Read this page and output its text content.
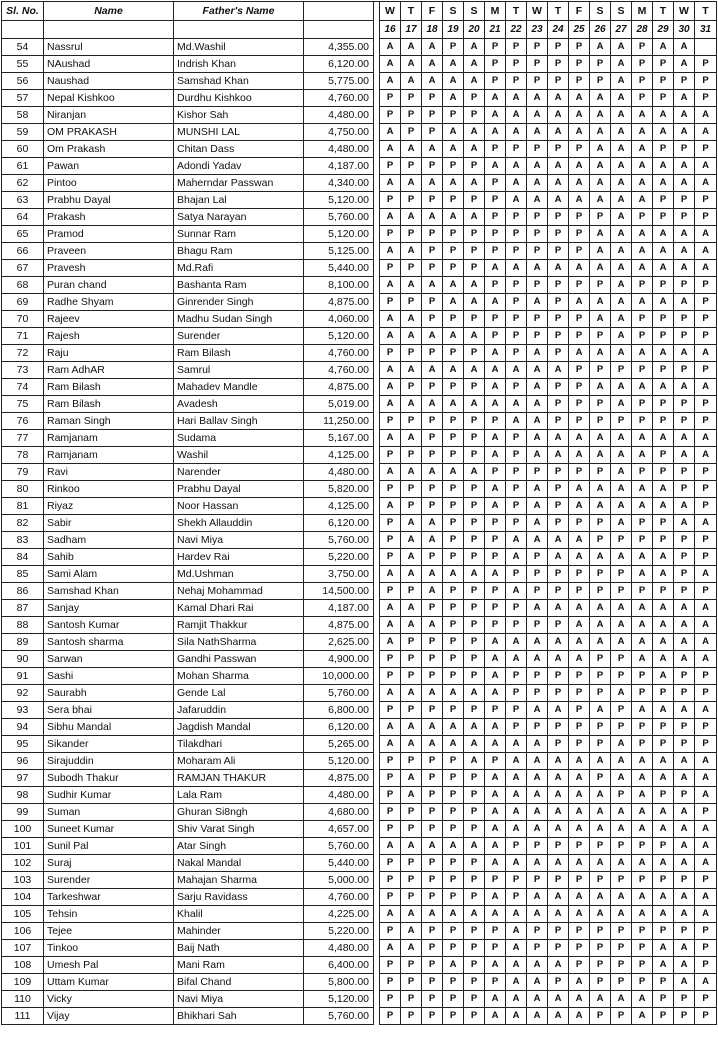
Sl. No.	Name	Father's Name			W	T	F	S	S	M	T	W	T	F	S	S	M	T	W	T
					16	17	18	19	20	21	22	23	24	25	26	27	28	29	30	31
54	Nassrul	Md.Washil	4,355.00		A	A	A	P	A	P	P	P	P	P	A	A	P	A	A	
55	NAushad	Indrish Khan	6,120.00		A	A	A	A	A	P	P	P	P	P	P	A	P	P	A	P
56	Naushad	Samshad Khan	5,775.00		A	A	A	A	A	P	P	P	P	P	P	A	P	P	P	P
57	Nepal Kishkoo	Durdhu Kishkoo	4,760.00		P	P	P	A	P	A	A	A	A	A	A	A	P	P	A	P
58	Niranjan	Kishor Sah	4,480.00		P	P	P	P	P	A	A	A	A	A	A	A	A	A	A	A
59	OM PRAKASH	MUNSHI LAL	4,750.00		A	P	P	A	A	A	A	A	A	A	A	A	A	A	A	A
60	Om Prakash	Chitan Dass	4,480.00		A	A	A	A	A	P	P	P	P	P	A	A	A	P	P	P
61	Pawan	Adondi Yadav	4,187.00		P	P	P	P	P	A	A	A	A	A	A	A	A	A	A	A
62	Pintoo	Maherndar Passwan	4,340.00		A	A	A	A	A	P	A	A	A	A	A	A	A	A	A	A
63	Prabhu Dayal	Bhajan Lal	5,120.00		P	P	P	P	P	P	A	A	A	A	A	A	A	P	P	P
64	Prakash	Satya Narayan	5,760.00		A	A	A	A	A	P	P	P	P	P	P	A	P	P	P	P
65	Pramod	Sunnar Ram	5,120.00		P	P	P	P	P	P	P	P	P	P	A	A	A	A	A	A
66	Praveen	Bhagu Ram	5,125.00		A	A	P	P	P	P	P	P	P	P	A	A	A	A	A	A
67	Pravesh	Md.Rafi	5,440.00		P	P	P	P	P	A	A	A	A	A	A	A	A	A	A	A
68	Puran chand	Bashanta Ram	8,100.00		A	A	A	A	A	P	P	P	P	P	P	A	P	P	P	P
69	Radhe Shyam	Ginrender Singh	4,875.00		P	P	P	A	A	A	P	A	P	A	A	A	A	A	A	P
70	Rajeev	Madhu Sudan Singh	4,060.00		A	A	P	P	P	P	P	P	P	P	A	A	P	P	P	P
71	Rajesh	Surender	5,120.00		A	A	A	A	A	P	P	P	P	P	P	A	P	P	P	P
72	Raju	Ram Bilash	4,760.00		P	P	P	P	P	A	P	A	P	A	A	A	A	A	A	A
73	Ram AdhAR	Samrul	4,760.00		A	A	A	A	A	A	A	A	A	P	P	P	P	P	P	P
74	Ram Bilash	Mahadev Mandle	4,875.00		A	P	P	P	P	A	P	A	P	P	A	A	A	A	A	A
75	Ram Bilash	Avadesh	5,019.00		A	A	A	A	A	A	A	A	P	P	P	A	P	P	P	P
76	Raman Singh	Hari Ballav Singh	11,250.00		P	P	P	P	P	P	A	A	P	P	P	P	P	P	P	P
77	Ramjanam	Sudama	5,167.00		A	A	P	P	P	A	P	A	A	A	A	A	A	A	A	A
78	Ramjanam	Washil	4,125.00		P	P	P	P	P	A	P	A	A	A	A	A	A	P	A	A
79	Ravi	Narender	4,480.00		A	A	A	A	A	P	P	P	P	P	P	A	P	P	P	P
80	Rinkoo	Prabhu Dayal	5,820.00		P	P	P	P	P	A	P	A	P	A	A	A	A	A	P	P
81	Riyaz	Noor Hassan	4,125.00		A	P	P	P	P	A	P	A	P	A	A	A	A	A	A	P
82	Sabir	Shekh Allauddin	6,120.00		P	A	A	P	P	P	P	A	P	P	P	A	P	P	A	A
83	Sadham	Navi Miya	5,760.00		P	A	A	P	P	P	A	A	A	A	P	P	P	P	P	P
84	Sahib	Hardev Rai	5,220.00		P	A	P	P	P	P	A	P	A	A	A	A	A	A	P	P
85	Sami Alam	Md.Ushman	3,750.00		A	A	A	A	A	A	P	P	P	P	P	P	A	A	P	A
86	Samshad Khan	Nehaj Mohammad	14,500.00		P	P	A	P	P	P	A	P	P	P	P	P	P	P	P	P
87	Sanjay	Kamal Dhari Rai	4,187.00		A	A	P	P	P	P	P	A	A	A	A	A	A	A	A	A
88	Santosh Kumar	Ramjit Thakkur	4,875.00		A	A	A	P	P	P	P	P	P	A	A	A	A	A	A	A
89	Santosh sharma	Sila NathSharma	2,625.00		A	P	P	P	P	A	A	A	A	A	A	A	A	A	A	A
90	Sarwan	Gandhi Passwan	4,900.00		P	P	P	P	P	A	A	A	A	A	P	P	A	A	A	A
91	Sashi	Mohan Sharma	10,000.00		P	P	P	P	P	A	P	P	P	P	P	P	P	A	P	P
92	Saurabh	Gende Lal	5,760.00		A	A	A	A	A	A	P	P	P	P	P	A	P	P	P	P
93	Sera bhai	Jafaruddin	6,800.00		P	P	P	P	P	P	P	A	A	P	A	P	A	A	A	A
94	Sibhu Mandal	Jagdish Mandal	6,120.00		A	A	A	A	A	A	P	P	P	P	P	P	P	P	P	P
95	Sikander	Tilakdhari	5,265.00		A	A	A	A	A	A	A	A	P	P	P	A	P	P	P	P
96	Sirajuddin	Moharam Ali	5,120.00		P	P	P	P	A	P	A	A	A	A	A	A	A	A	A	A
97	Subodh Thakur	RAMJAN THAKUR	4,875.00		P	A	P	P	P	A	A	A	A	A	P	A	A	A	A	A
98	Sudhir Kumar	Lala Ram	4,480.00		P	A	P	P	P	A	A	A	A	A	A	P	A	P	P	A
99	Suman	Ghuran Si8ngh	4,680.00		P	P	P	P	P	A	A	A	A	A	A	A	A	A	A	P
100	Suneet Kumar	Shiv Varat Singh	4,657.00		P	P	P	P	P	A	A	A	A	A	A	A	A	A	A	A
101	Sunil Pal	Atar Singh	5,760.00		A	A	A	A	A	A	P	P	P	P	P	P	P	P	A	A
102	Suraj	Nakal Mandal	5,440.00		P	P	P	P	P	A	A	A	A	A	A	A	A	A	A	A
103	Surender	Mahajan Sharma	5,000.00		P	P	P	P	P	P	P	P	P	P	P	P	P	P	P	P
104	Tarkeshwar	Sarju Ravidass	4,760.00		P	P	P	P	P	A	P	A	A	A	A	A	A	A	A	A
105	Tehsin	Khalil	4,225.00		A	A	A	A	A	A	A	A	A	A	A	A	A	A	A	A
106	Tejee	Mahinder	5,220.00		P	A	P	P	P	P	A	P	P	P	P	P	P	P	P	P
107	Tinkoo	Baij Nath	4,480.00		A	A	P	P	P	P	A	P	P	P	P	P	P	A	A	P
108	Umesh Pal	Mani Ram	6,400.00		P	P	P	A	P	A	A	A	A	P	P	P	P	A	A	P
109	Uttam Kumar	Bifal Chand	5,800.00		P	P	P	P	P	P	A	A	P	A	P	P	P	P	A	A
110	Vicky	Navi Miya	5,120.00		P	P	P	P	P	A	A	A	A	A	A	A	A	P	P	P
111	Vijay	Bhikhari Sah	5,760.00		P	P	P	P	P	A	A	A	A	A	P	P	A	P	P	P
